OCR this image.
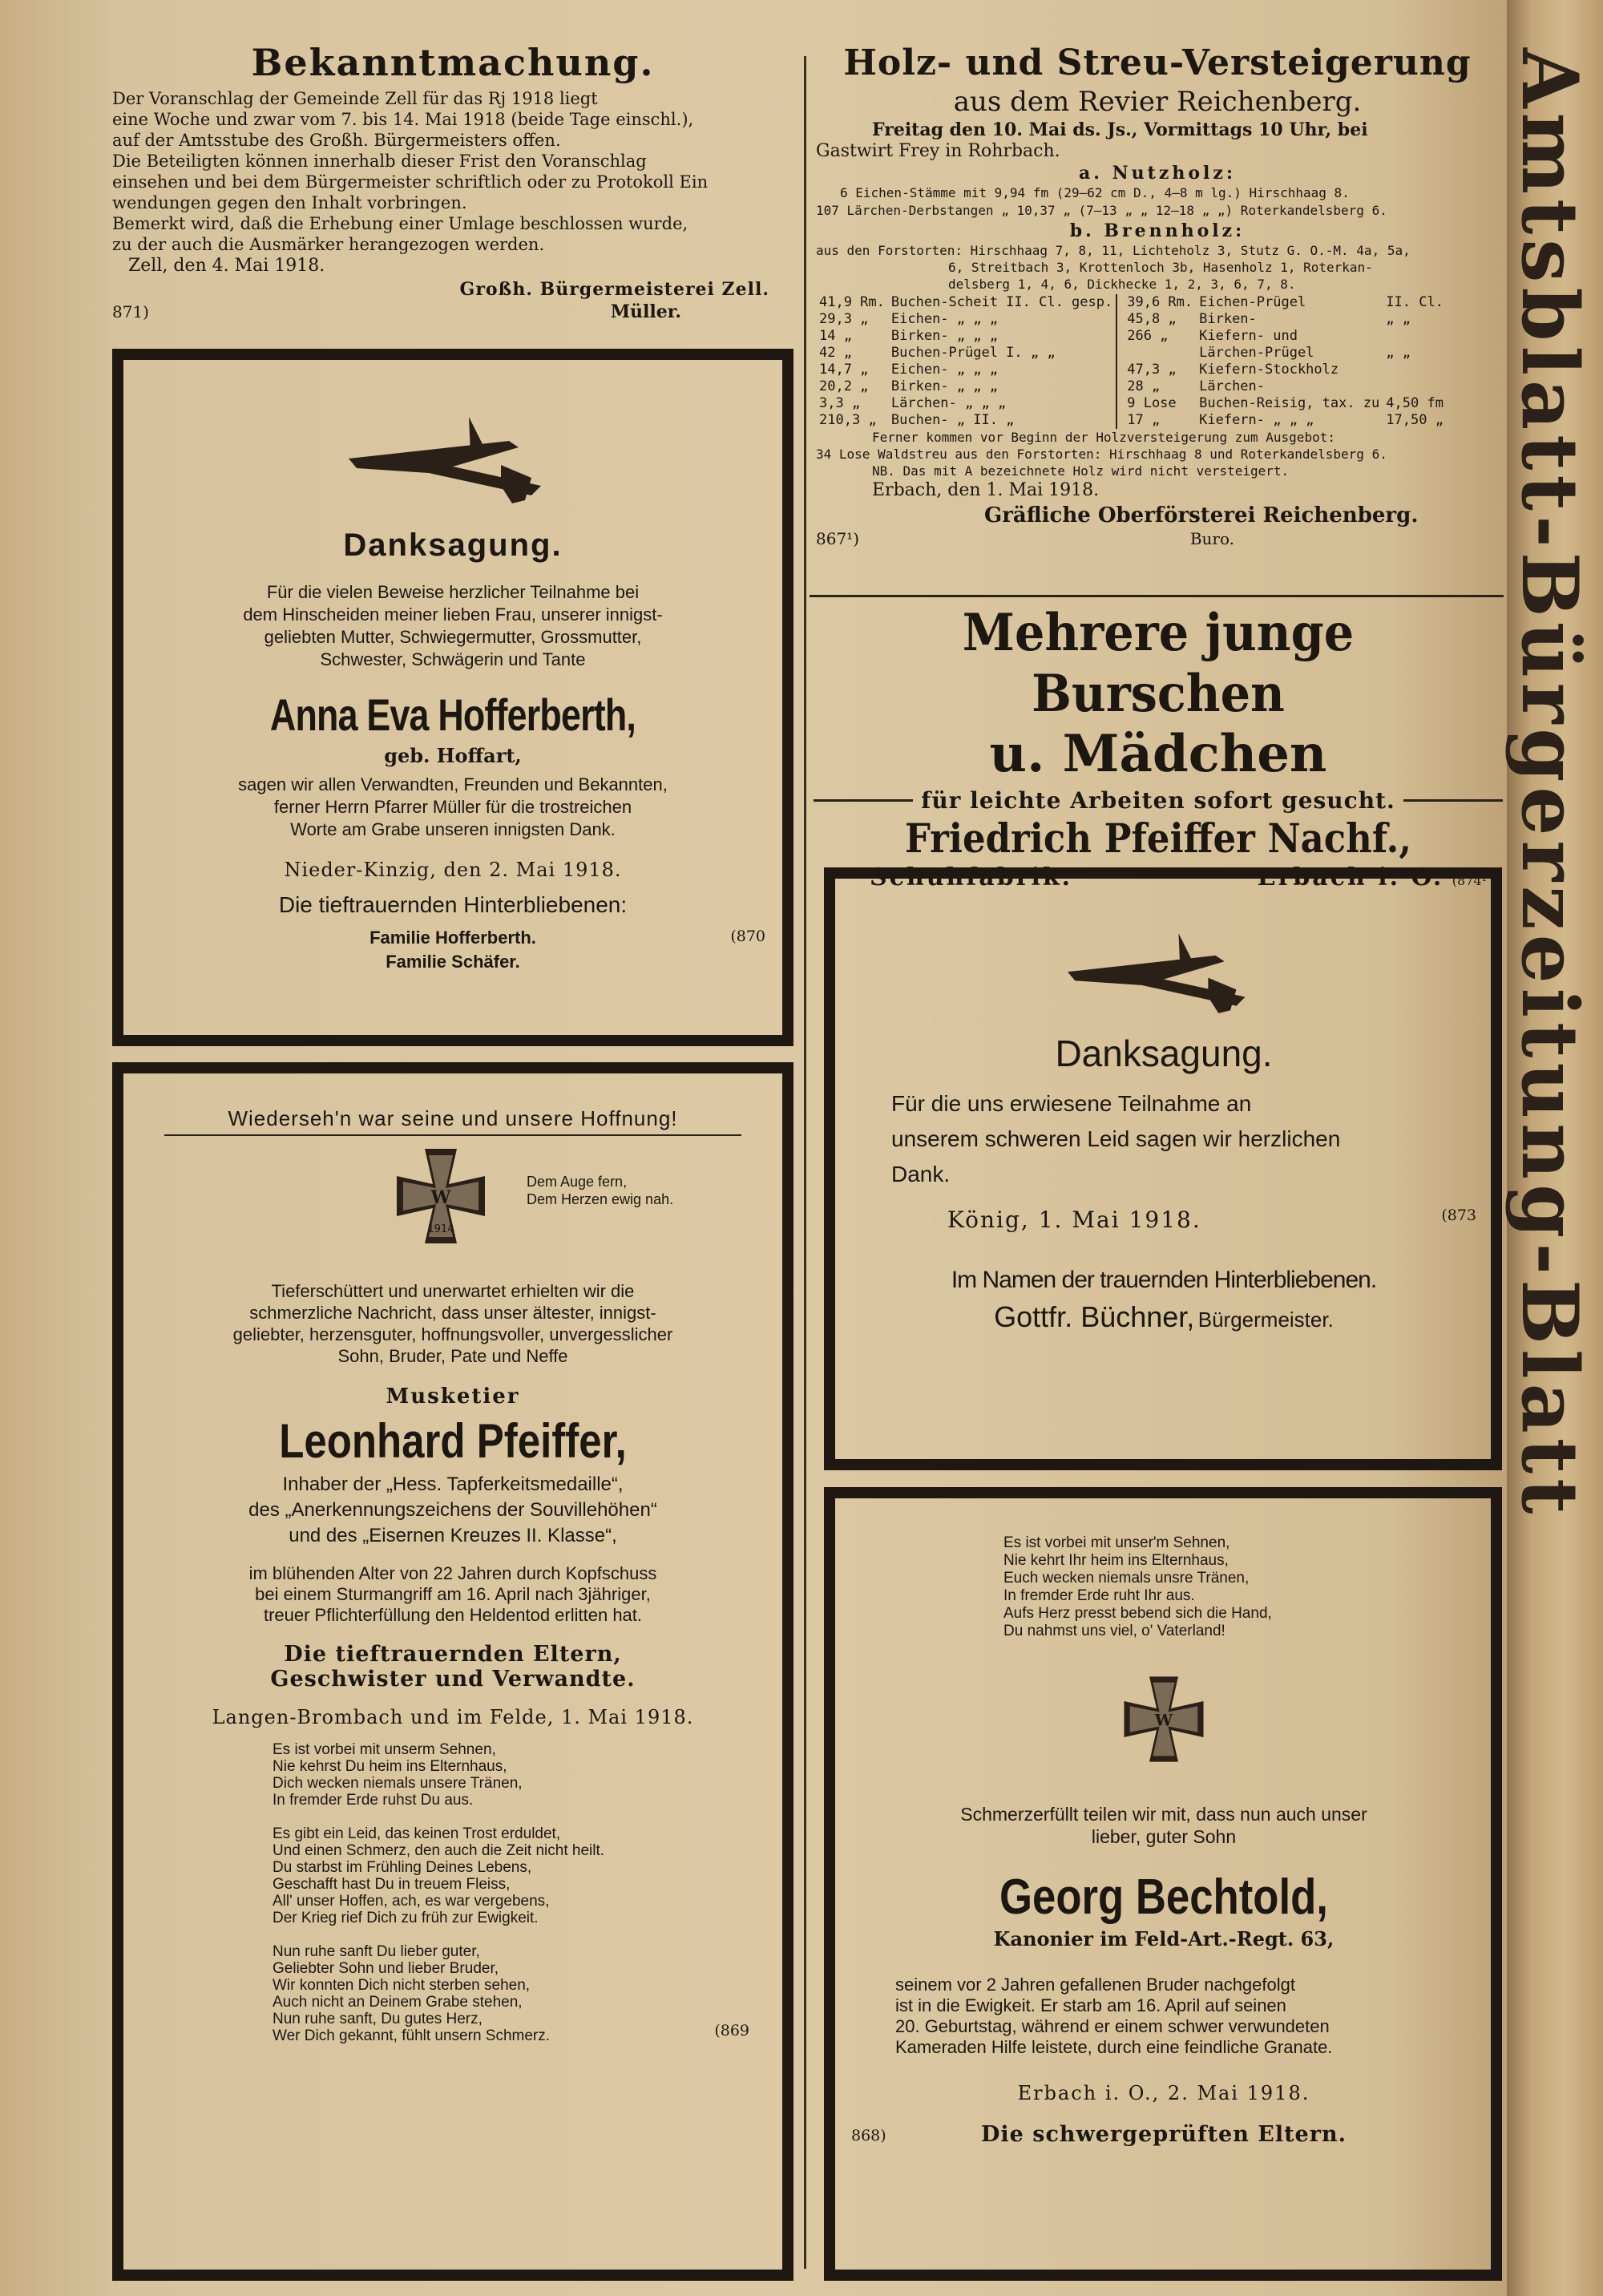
Amtsblatt-Bürgerzeitung-Blatt
Bekanntmachung.
Der Voranschlag der Gemeinde Zell für das Rj 1918 liegt
eine Woche und zwar vom 7. bis 14. Mai 1918 (beide Tage einschl.),
auf der Amtsstube des Großh. Bürgermeisters offen.
Die Beteiligten können innerhalb dieser Frist den Voranschlag
einsehen und bei dem Bürgermeister schriftlich oder zu Protokoll Ein
wendungen gegen den Inhalt vorbringen.
Bemerkt wird, daß die Erhebung einer Umlage beschlossen wurde,
zu der auch die Ausmärker herangezogen werden.
Zell, den 4. Mai 1918.
Großh. Bürgermeisterei Zell.
871)	Müller.
Danksagung.
Für die vielen Beweise herzlicher Teilnahme bei
dem Hinscheiden meiner lieben Frau, unserer innigst-
geliebten Mutter, Schwiegermutter, Grossmutter,
Schwester, Schwägerin und Tante
Anna Eva Hofferberth,
geb. Hoffart,
sagen wir allen Verwandten, Freunden und Bekannten,
ferner Herrn Pfarrer Müller für die trostreichen
Worte am Grabe unseren innigsten Dank.
Nieder-Kinzig, den 2. Mai 1918.
Die tieftrauernden Hinterbliebenen:
Familie Hofferberth.
Familie Schäfer.
(870
Wiederseh'n war seine und unsere Hoffnung!
W
1914
Dem Auge fern,
Dem Herzen ewig nah.
Tieferschüttert und unerwartet erhielten wir die
schmerzliche Nachricht, dass unser ältester, innigst-
geliebter, herzensguter, hoffnungsvoller, unvergesslicher
Sohn, Bruder, Pate und Neffe
Musketier
Leonhard Pfeiffer,
Inhaber der „Hess. Tapferkeitsmedaille“,
des „Anerkennungszeichens der Souvillehöhen“
und des „Eisernen Kreuzes II. Klasse“,
im blühenden Alter von 22 Jahren durch Kopfschuss
bei einem Sturmangriff am 16. April nach 3jähriger,
treuer Pflichterfüllung den Heldentod erlitten hat.
Die tieftrauernden Eltern,
Geschwister und Verwandte.
Langen-Brombach und im Felde, 1. Mai 1918.
Es ist vorbei mit unserm Sehnen,
Nie kehrst Du heim ins Elternhaus,
Dich wecken niemals unsere Tränen,
In fremder Erde ruhst Du aus.

Es gibt ein Leid, das keinen Trost erduldet,
Und einen Schmerz, den auch die Zeit nicht heilt.
Du starbst im Frühling Deines Lebens,
Geschafft hast Du in treuem Fleiss,
All' unser Hoffen, ach, es war vergebens,
Der Krieg rief Dich zu früh zur Ewigkeit.

Nun ruhe sanft Du lieber guter,
Geliebter Sohn und lieber Bruder,
Wir konnten Dich nicht sterben sehen,
Auch nicht an Deinem Grabe stehen,
Nun ruhe sanft, Du gutes Herz,
Wer Dich gekannt, fühlt unsern Schmerz.	(869
Holz- und Streu-Versteigerung
aus dem Revier Reichenberg.
Freitag den 10. Mai ds. Js., Vormittags 10 Uhr, bei
Gastwirt Frey in Rohrbach.
a. Nutzholz:
6 Eichen-Stämme mit 9,94 fm (29—62 cm D., 4—8 m lg.) Hirschhaag 8.
107 Lärchen-Derbstangen „ 10,37 „ (7—13 „ „ 12—18 „ „) Roterkandelsberg 6.
b. Brennholz:
aus den Forstorten: Hirschhaag 7, 8, 11, Lichteholz 3, Stutz G. O.-M. 4a, 5a,
6, Streitbach 3, Krottenloch 3b, Hasenholz 1, Roterkan-
delsberg 1, 4, 6, Dickhecke 1, 2, 3, 6, 7, 8.
41,9 Rm.	Buchen-Scheit II. Cl. gesp.
29,3 „	Eichen- „ „ „
14 „	Birken- „ „ „
42 „	Buchen-Prügel I. „ „
14,7 „	Eichen- „ „ „
20,2 „	Birken- „ „ „
3,3 „	Lärchen- „ „ „
210,3 „	Buchen- „ II. „
39,6 Rm.	Eichen-Prügel	II. Cl.
45,8 „	Birken-	„ „
266 „	Kiefern- und	
	Lärchen-Prügel	„ „
47,3 „	Kiefern-Stockholz	
28 „	Lärchen-	
9 Lose	Buchen-Reisig, tax. zu	4,50 fm
17 „	Kiefern- „ „ „	17,50 „
Ferner kommen vor Beginn der Holzversteigerung zum Ausgebot:
34 Lose Waldstreu aus den Forstorten: Hirschhaag 8 und Roterkandelsberg 6.
NB. Das mit A bezeichnete Holz wird nicht versteigert.
Erbach, den 1. Mai 1918.
Gräfliche Oberförsterei Reichenberg.
867¹)	Buro.
Mehrere junge Burschen
u. Mädchen
für leichte Arbeiten sofort gesucht.
Friedrich Pfeiffer Nachf.,
Schuhfabrik.	Erbach i. O. (874¹
Danksagung.
Für die uns erwiesene Teilnahme an
unserem schweren Leid sagen wir herzlichen
Dank.
König, 1. Mai 1918.	(873
Im Namen der trauernden Hinterbliebenen.
Gottfr. Büchner, Bürgermeister.
Es ist vorbei mit unser'm Sehnen,
Nie kehrt Ihr heim ins Elternhaus,
Euch wecken niemals unsre Tränen,
In fremder Erde ruht Ihr aus.
Aufs Herz presst bebend sich die Hand,
Du nahmst uns viel, o' Vaterland!
W
Schmerzerfüllt teilen wir mit, dass nun auch unser
lieber, guter Sohn
Georg Bechtold,
Kanonier im Feld-Art.-Regt. 63,
seinem vor 2 Jahren gefallenen Bruder nachgefolgt
ist in die Ewigkeit. Er starb am 16. April auf seinen
20. Geburtstag, während er einem schwer verwundeten
Kameraden Hilfe leistete, durch eine feindliche Granate.
Erbach i. O., 2. Mai 1918.
868)	Die schwergeprüften Eltern.
